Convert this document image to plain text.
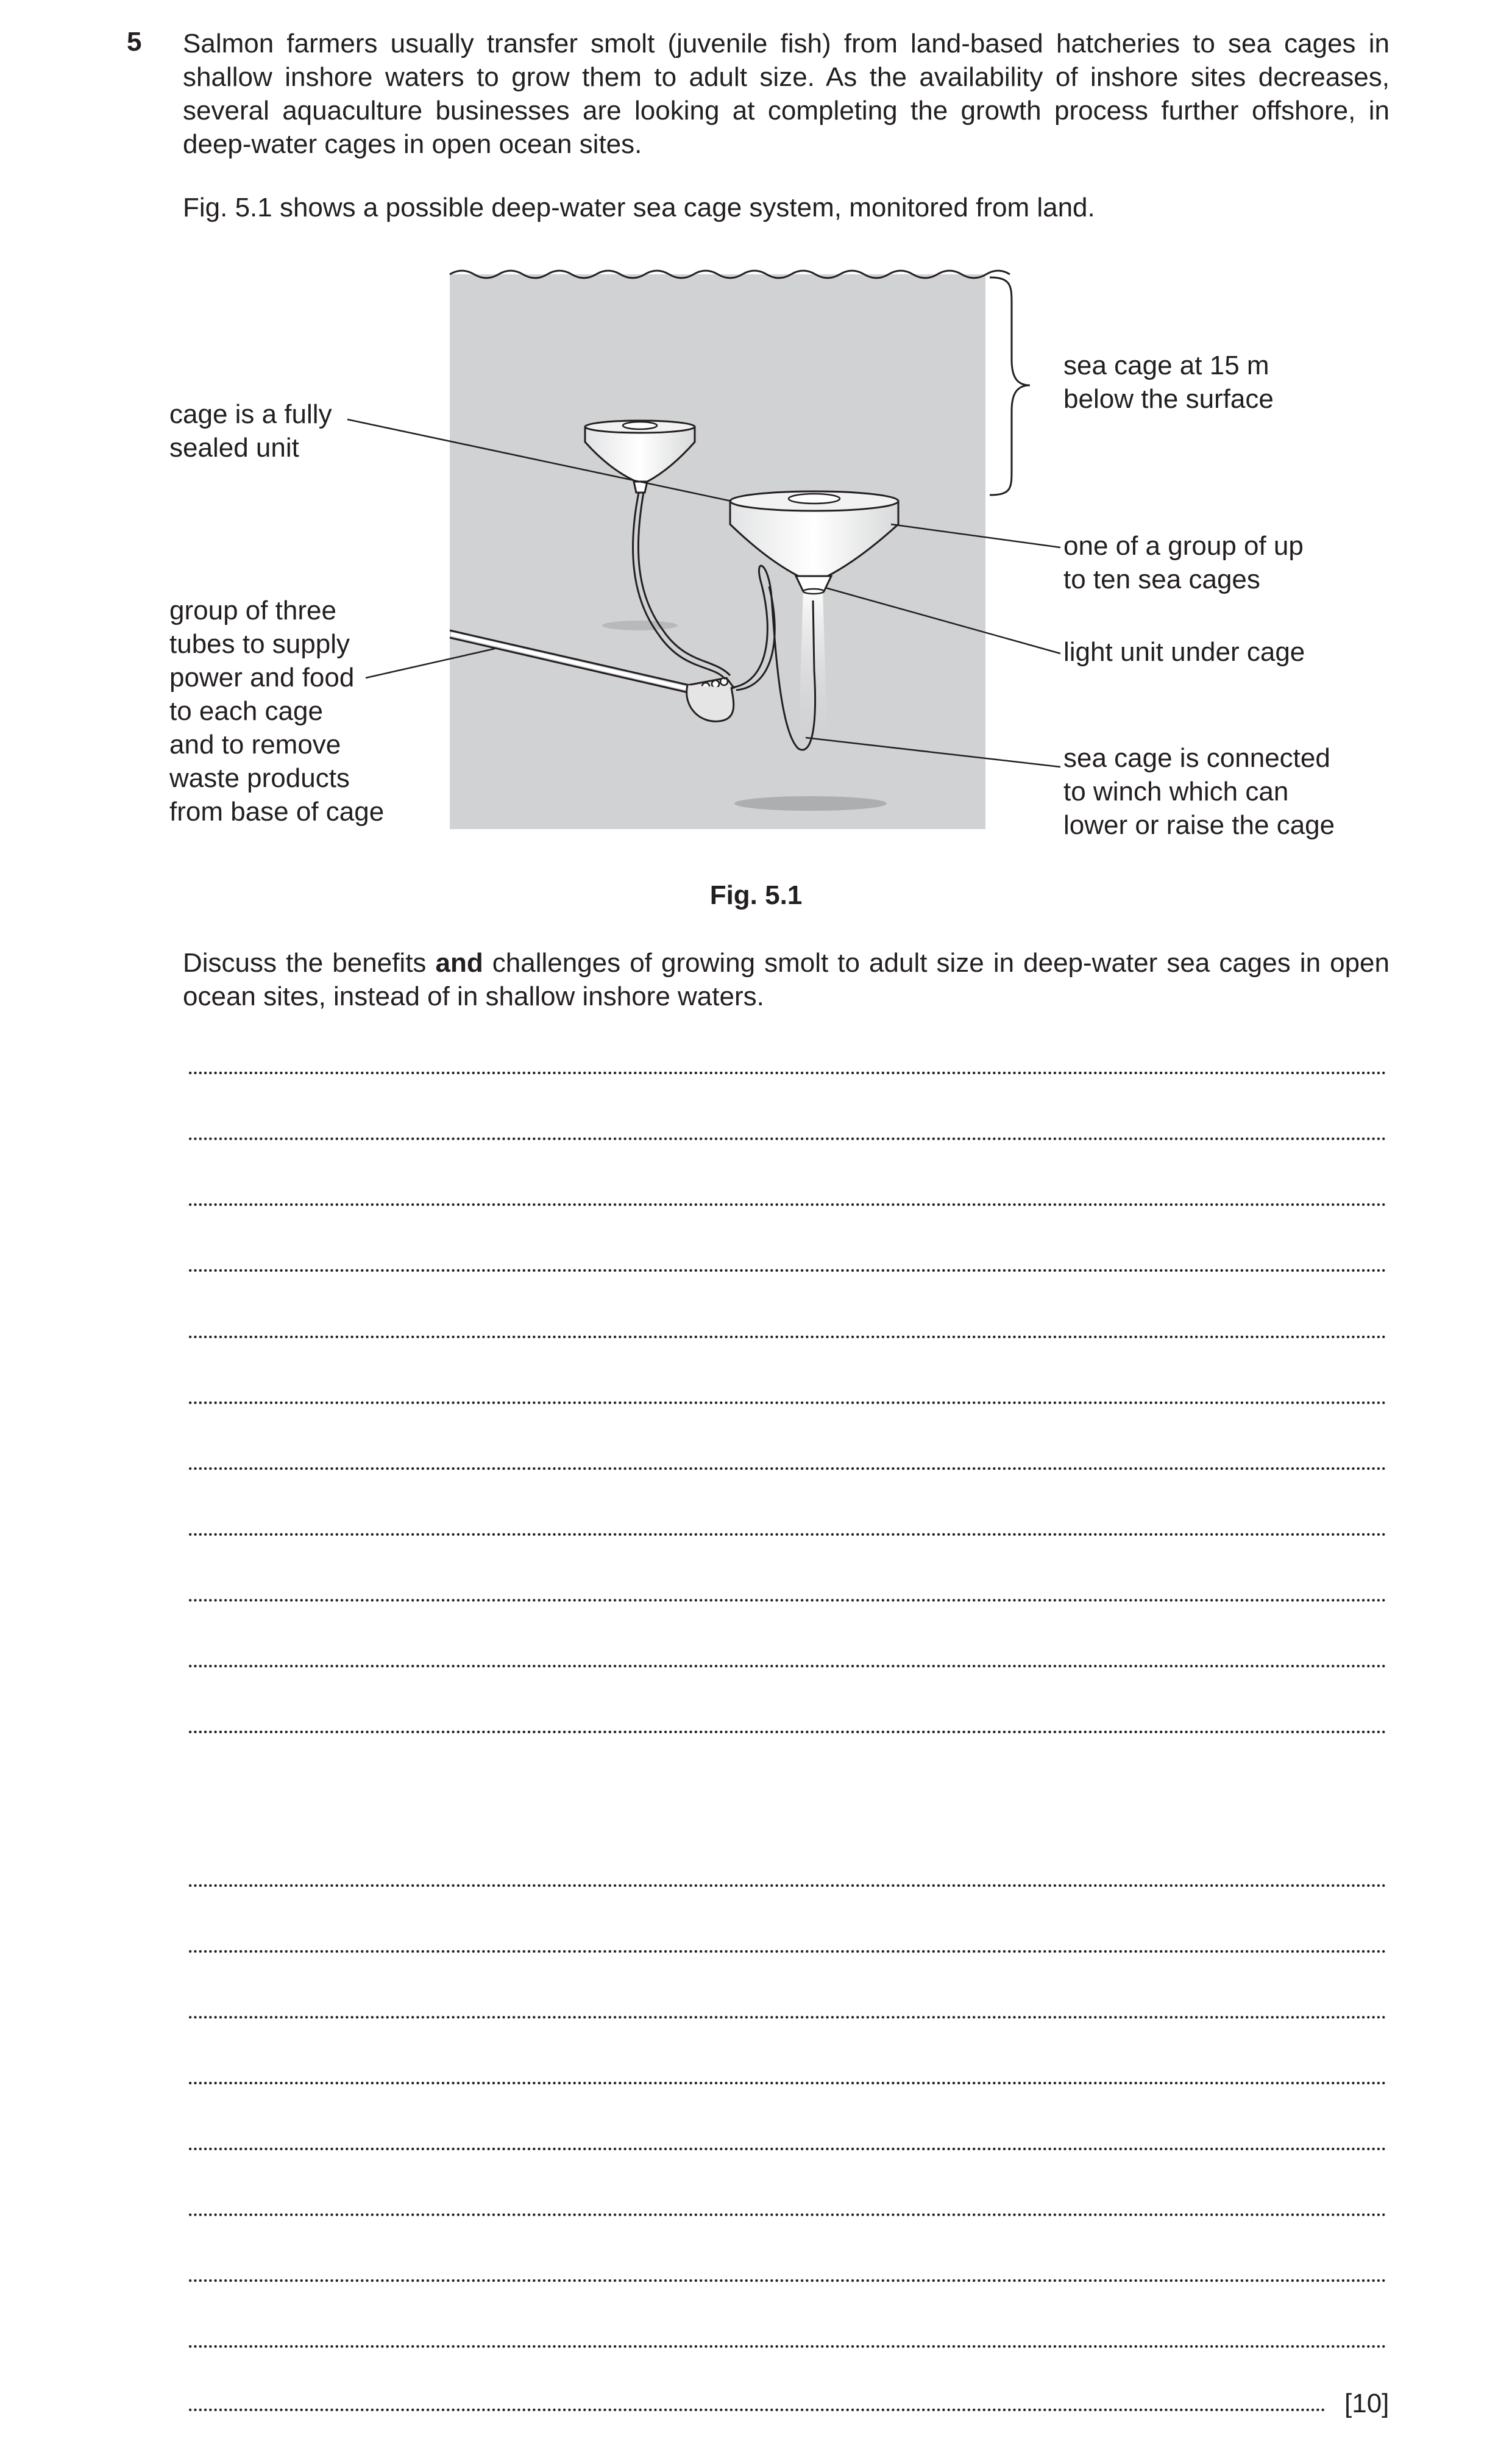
5 Salmon farmers usually transfer smolt (juvenile fish) from land-based hatcheries to sea cages in shallow inshore waters to grow them to adult size. As the availability of inshore sites decreases, several aquaculture businesses are looking at completing the growth process further offshore, in deep-water cages in open ocean sites.

Fig. 5.1 shows a possible deep-water sea cage system, monitored from land.

cage is a fully
sealed unit
group of three
tubes to supply
power and food
to each cage
and to remove
waste products
from base of cage
sea cage at 15 m
below the surface
one of a group of up
to ten sea cages
light unit under cage
sea cage is connected
to winch which can
lower or raise the cage
Fig. 5.1

Discuss the benefits and challenges of growing smolt to adult size in deep-water sea cages in open ocean sites, instead of in shallow inshore waters.

[10]
